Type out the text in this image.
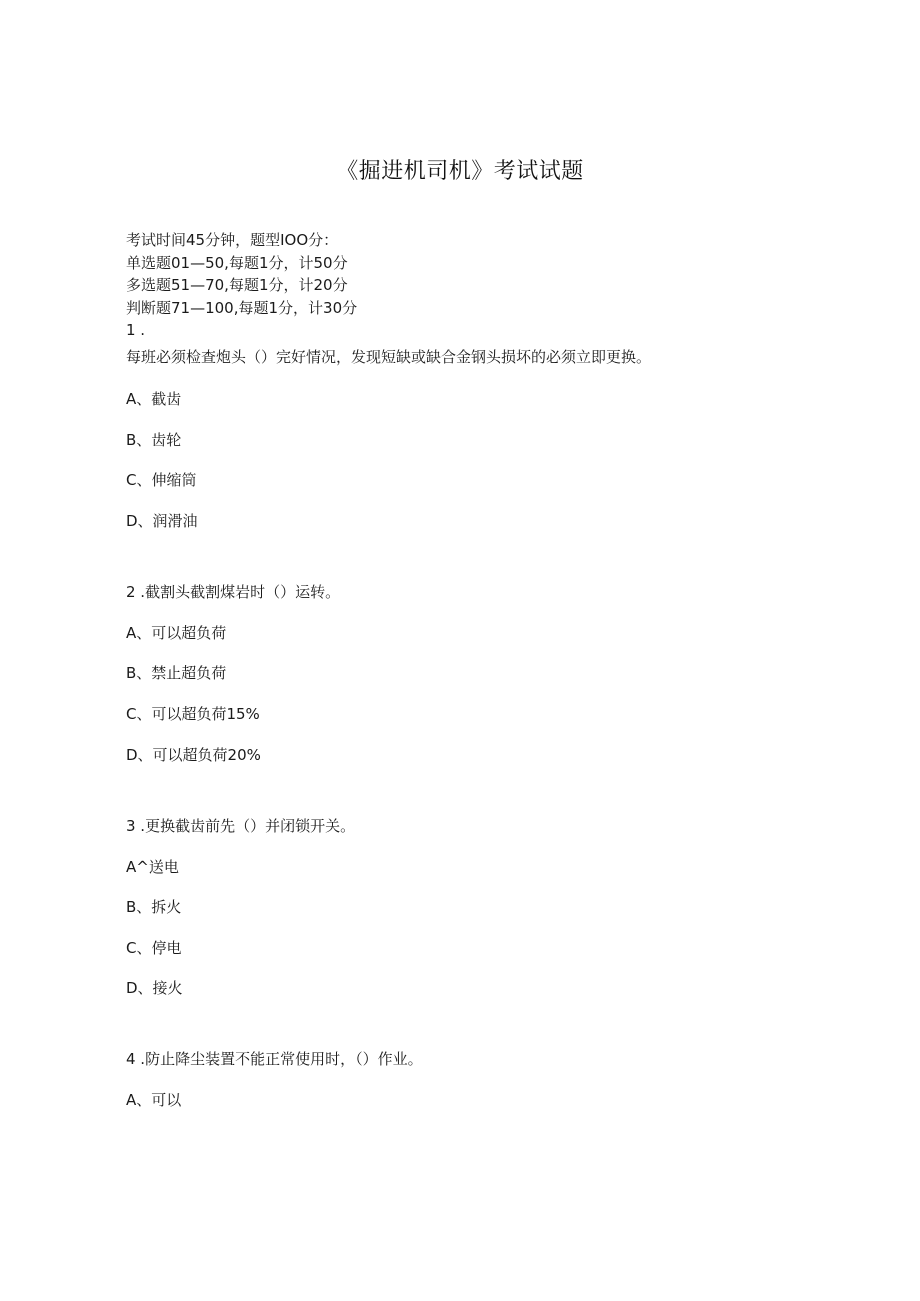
《掘进机司机》考试试题
考试时间45分钟，题型IOO分：
单选题01—50,每题1分，计50分
多选题51—70,每题1分，计20分
判断题71—100,每题1分，计30分
1 .
每班必须检查炮头（）完好情况，发现短缺或缺合金钢头损坏的必须立即更换。
A、截齿
B、齿轮
C、伸缩筒
D、润滑油
2 .截割头截割煤岩时（）运转。
A、可以超负荷
B、禁止超负荷
C、可以超负荷15%
D、可以超负荷20%
3 .更换截齿前先（）并闭锁开关。
A^送电
B、拆火
C、停电
D、接火
4 .防止降尘装置不能正常使用时，（）作业。
A、可以
